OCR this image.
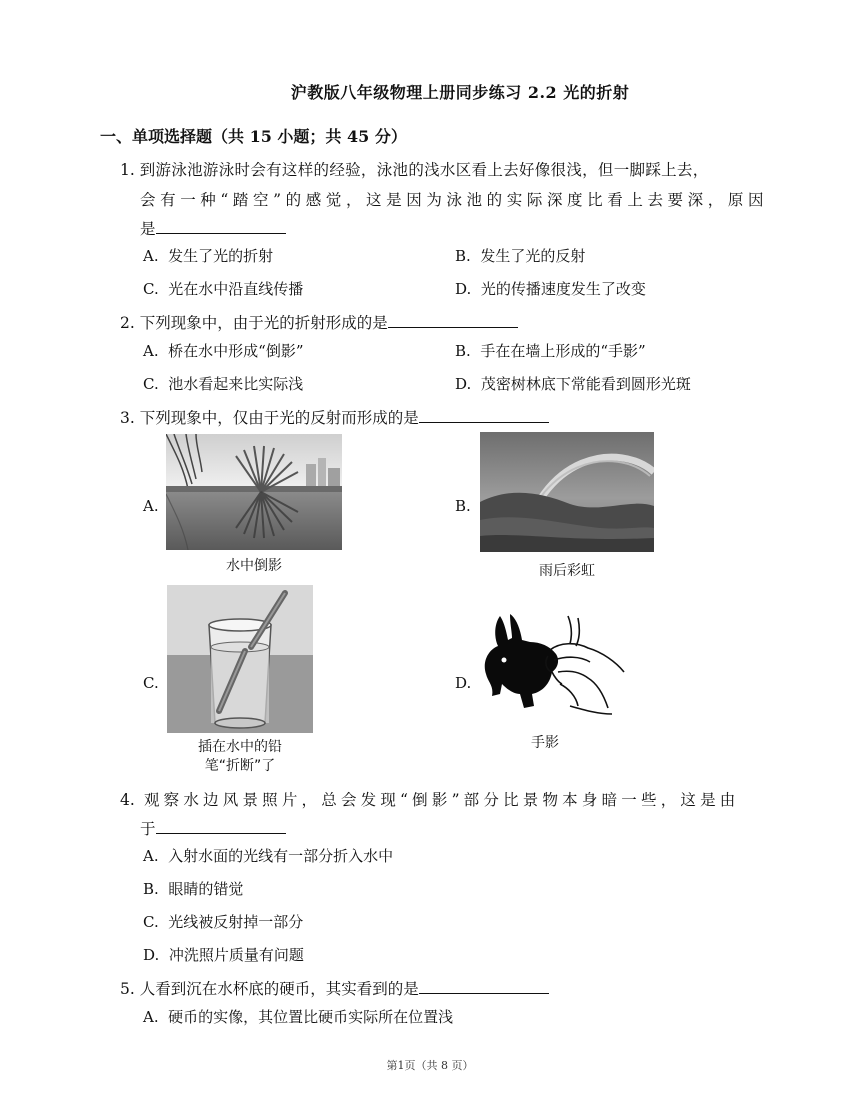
沪教版八年级物理上册同步练习 2.2 光的折射
一、单项选择题（共 15 小题；共 45 分）
1. 到游泳池游泳时会有这样的经验，泳池的浅水区看上去好像很浅，但一脚踩上去，
会有一种“踏空”的感觉，这是因为泳池的实际深度比看上去要深，原因
是
A. 发生了光的折射	B. 发生了光的反射
C. 光在水中沿直线传播	D. 光的传播速度发生了改变
2. 下列现象中，由于光的折射形成的是
A. 桥在水中形成“倒影”	B. 手在在墙上形成的“手影”
C. 池水看起来比实际浅	D. 茂密树林底下常能看到圆形光斑
3. 下列现象中，仅由于光的反射而形成的是
A.
水中倒影
B.
雨后彩虹
C.
插在水中的铅
笔“折断”了
D.
手影
4. 观察水边风景照片，总会发现“倒影”部分比景物本身暗一些，这是由
于
A. 入射水面的光线有一部分折入水中
B. 眼睛的错觉
C. 光线被反射掉一部分
D. 冲洗照片质量有问题
5. 人看到沉在水杯底的硬币，其实看到的是
A. 硬币的实像，其位置比硬币实际所在位置浅
第1页（共 8 页）
